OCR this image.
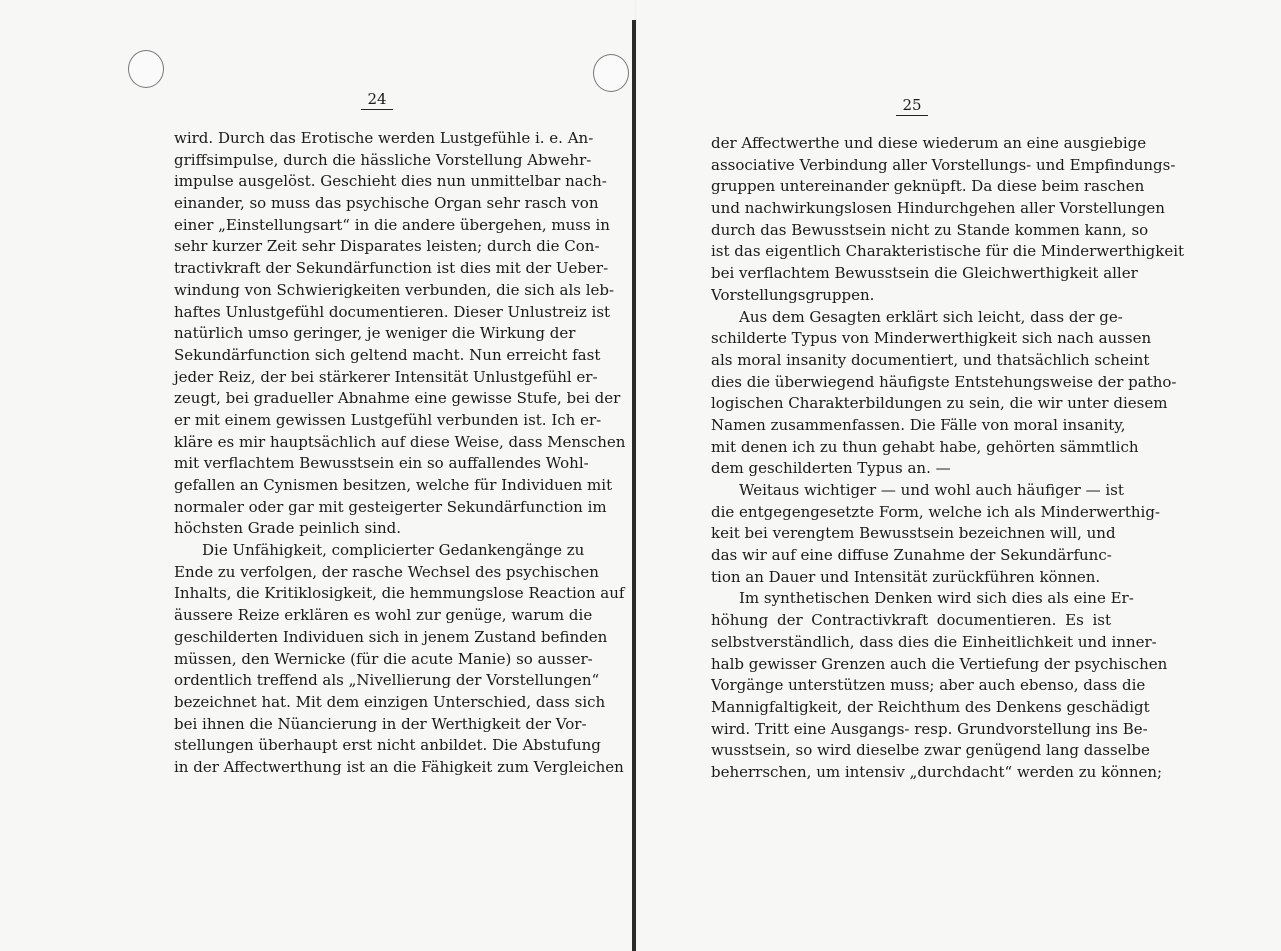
24
wird. Durch das Erotische werden Lustgefühle i. e. An-
griffsimpulse, durch die hässliche Vorstellung Abwehr-
impulse ausgelöst. Geschieht dies nun unmittelbar nach-
einander, so muss das psychische Organ sehr rasch von
einer „Einstellungsart“ in die andere übergehen, muss in
sehr kurzer Zeit sehr Disparates leisten; durch die Con-
tractivkraft der Sekundärfunction ist dies mit der Ueber-
windung von Schwierigkeiten verbunden, die sich als leb-
haftes Unlustgefühl documentieren. Dieser Unlustreiz ist
natürlich umso geringer, je weniger die Wirkung der
Sekundärfunction sich geltend macht. Nun erreicht fast
jeder Reiz, der bei stärkerer Intensität Unlustgefühl er-
zeugt, bei gradueller Abnahme eine gewisse Stufe, bei der
er mit einem gewissen Lustgefühl verbunden ist. Ich er-
kläre es mir hauptsächlich auf diese Weise, dass Menschen
mit verflachtem Bewusstsein ein so auffallendes Wohl-
gefallen an Cynismen besitzen, welche für Individuen mit
normaler oder gar mit gesteigerter Sekundärfunction im
höchsten Grade peinlich sind.
Die Unfähigkeit, complicierter Gedankengänge zu
Ende zu verfolgen, der rasche Wechsel des psychischen
Inhalts, die Kritiklosigkeit, die hemmungslose Reaction auf
äussere Reize erklären es wohl zur genüge, warum die
geschilderten Individuen sich in jenem Zustand befinden
müssen, den Wernicke (für die acute Manie) so ausser-
ordentlich treffend als „Nivellierung der Vorstellungen“
bezeichnet hat. Mit dem einzigen Unterschied, dass sich
bei ihnen die Nüancierung in der Werthigkeit der Vor-
stellungen überhaupt erst nicht anbildet. Die Abstufung
in der Affectwerthung ist an die Fähigkeit zum Vergleichen
25
der Affectwerthe und diese wiederum an eine ausgiebige
associative Verbindung aller Vorstellungs- und Empfindungs-
gruppen untereinander geknüpft. Da diese beim raschen
und nachwirkungslosen Hindurchgehen aller Vorstellungen
durch das Bewusstsein nicht zu Stande kommen kann, so
ist das eigentlich Charakteristische für die Minderwerthigkeit
bei verflachtem Bewusstsein die Gleichwerthigkeit aller
Vorstellungsgruppen.
Aus dem Gesagten erklärt sich leicht, dass der ge-
schilderte Typus von Minderwerthigkeit sich nach aussen
als moral insanity documentiert, und thatsächlich scheint
dies die überwiegend häufigste Entstehungsweise der patho-
logischen Charakterbildungen zu sein, die wir unter diesem
Namen zusammenfassen. Die Fälle von moral insanity,
mit denen ich zu thun gehabt habe, gehörten sämmtlich
dem geschilderten Typus an. —
Weitaus wichtiger — und wohl auch häufiger — ist
die entgegengesetzte Form, welche ich als Minderwerthig-
keit bei verengtem Bewusstsein bezeichnen will, und
das wir auf eine diffuse Zunahme der Sekundärfunc-
tion an Dauer und Intensität zurückführen können.
Im synthetischen Denken wird sich dies als eine Er-
höhung der Contractivkraft documentieren. Es ist
selbstverständlich, dass dies die Einheitlichkeit und inner-
halb gewisser Grenzen auch die Vertiefung der psychischen
Vorgänge unterstützen muss; aber auch ebenso, dass die
Mannigfaltigkeit, der Reichthum des Denkens geschädigt
wird. Tritt eine Ausgangs- resp. Grundvorstellung ins Be-
wusstsein, so wird dieselbe zwar genügend lang dasselbe
beherrschen, um intensiv „durchdacht“ werden zu können;
